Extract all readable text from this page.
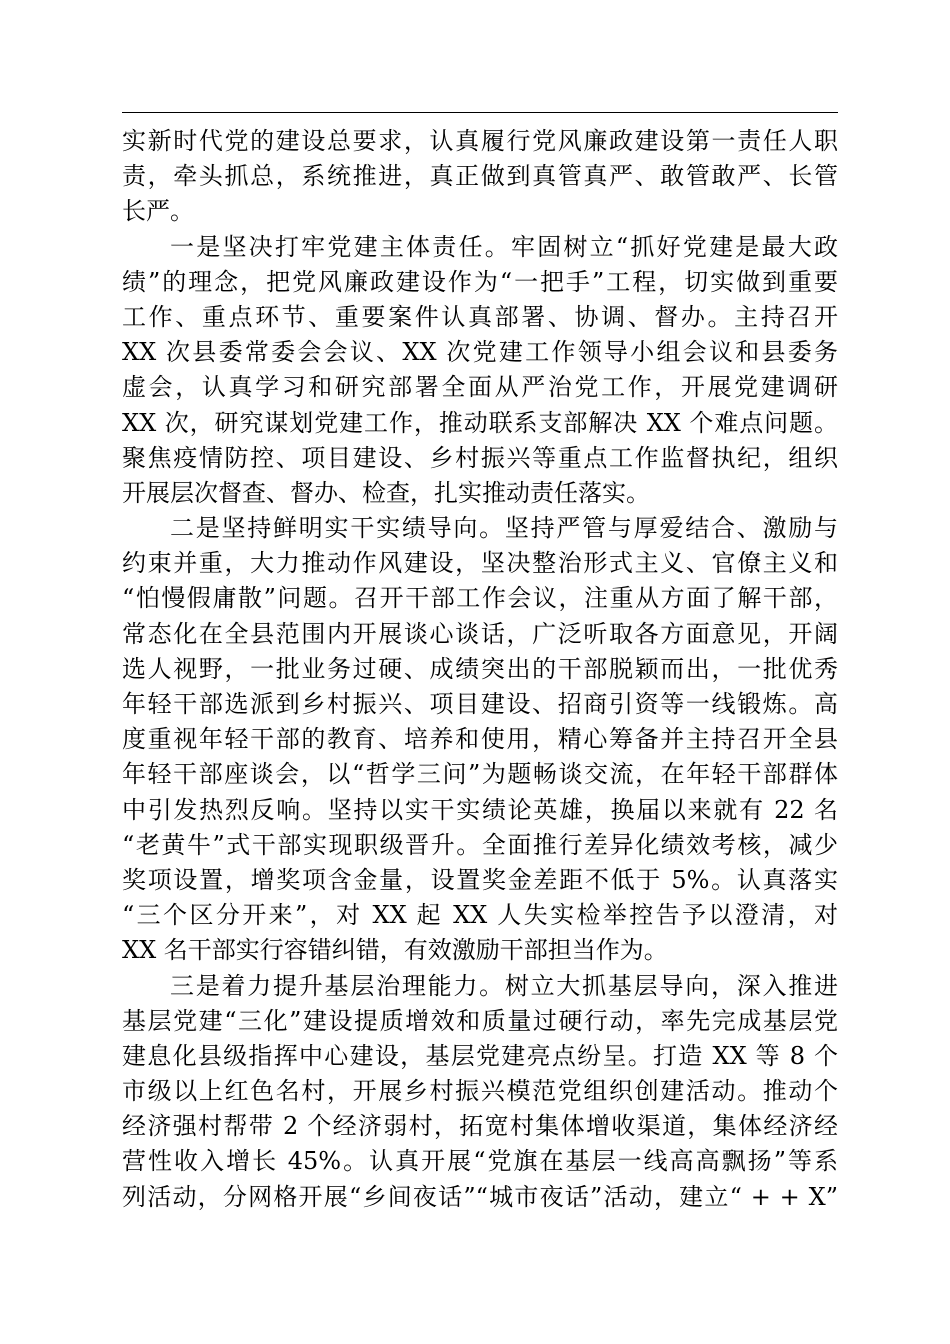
实新时代党的建设总要求，认真履行党风廉政建设第一责任人职
责，牵头抓总，系统推进，真正做到真管真严、敢管敢严、长管
长严。
一是坚决打牢党建主体责任。牢固树立“抓好党建是最大政
绩”的理念，把党风廉政建设作为“一把手”工程，切实做到重要
工作、重点环节、重要案件认真部署、协调、督办。主持召开
XX 次县委常委会会议、XX 次党建工作领导小组会议和县委务
虚会，认真学习和研究部署全面从严治党工作，开展党建调研
XX 次，研究谋划党建工作，推动联系支部解决 XX 个难点问题。
聚焦疫情防控、项目建设、乡村振兴等重点工作监督执纪，组织
开展层次督查、督办、检查，扎实推动责任落实。
二是坚持鲜明实干实绩导向。坚持严管与厚爱结合、激励与
约束并重，大力推动作风建设，坚决整治形式主义、官僚主义和
“怕慢假庸散”问题。召开干部工作会议，注重从方面了解干部，
常态化在全县范围内开展谈心谈话，广泛听取各方面意见，开阔
选人视野，一批业务过硬、成绩突出的干部脱颖而出，一批优秀
年轻干部选派到乡村振兴、项目建设、招商引资等一线锻炼。高
度重视年轻干部的教育、培养和使用，精心筹备并主持召开全县
年轻干部座谈会，以“哲学三问”为题畅谈交流，在年轻干部群体
中引发热烈反响。坚持以实干实绩论英雄，换届以来就有 22 名
“老黄牛”式干部实现职级晋升。全面推行差异化绩效考核，减少
奖项设置，增奖项含金量，设置奖金差距不低于 5%。认真落实
“三个区分开来”，对 XX 起 XX 人失实检举控告予以澄清，对
XX 名干部实行容错纠错，有效激励干部担当作为。
三是着力提升基层治理能力。树立大抓基层导向，深入推进
基层党建“三化”建设提质增效和质量过硬行动，率先完成基层党
建息化县级指挥中心建设，基层党建亮点纷呈。打造 XX 等 8 个
市级以上红色名村，开展乡村振兴模范党组织创建活动。推动个
经济强村帮带 2 个经济弱村，拓宽村集体增收渠道，集体经济经
营性收入增长 45%。认真开展“党旗在基层一线高高飘扬”等系
列活动，分网格开展“乡间夜话”“城市夜话”活动，建立“ + + X”
